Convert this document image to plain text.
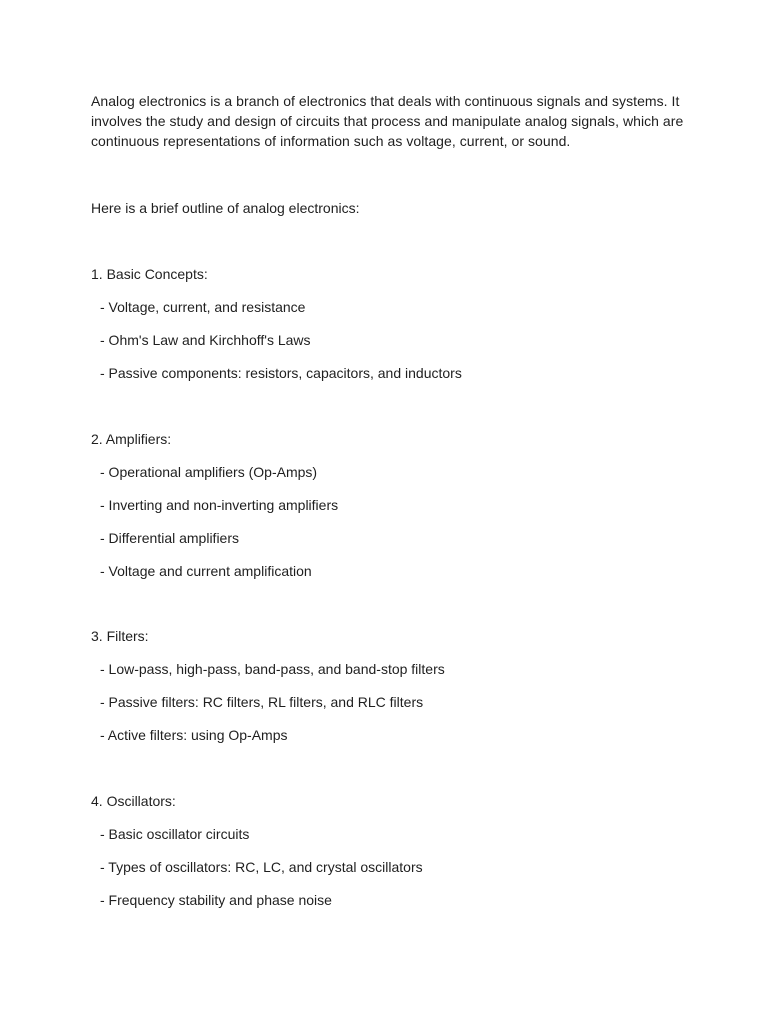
Analog electronics is a branch of electronics that deals with continuous signals and systems. It involves the study and design of circuits that process and manipulate analog signals, which are continuous representations of information such as voltage, current, or sound.

Here is a brief outline of analog electronics:

1. Basic Concepts:

- Voltage, current, and resistance

- Ohm's Law and Kirchhoff's Laws

- Passive components: resistors, capacitors, and inductors

2. Amplifiers:

- Operational amplifiers (Op-Amps)

- Inverting and non-inverting amplifiers

- Differential amplifiers

- Voltage and current amplification

3. Filters:

- Low-pass, high-pass, band-pass, and band-stop filters

- Passive filters: RC filters, RL filters, and RLC filters

- Active filters: using Op-Amps

4. Oscillators:

- Basic oscillator circuits

- Types of oscillators: RC, LC, and crystal oscillators

- Frequency stability and phase noise
